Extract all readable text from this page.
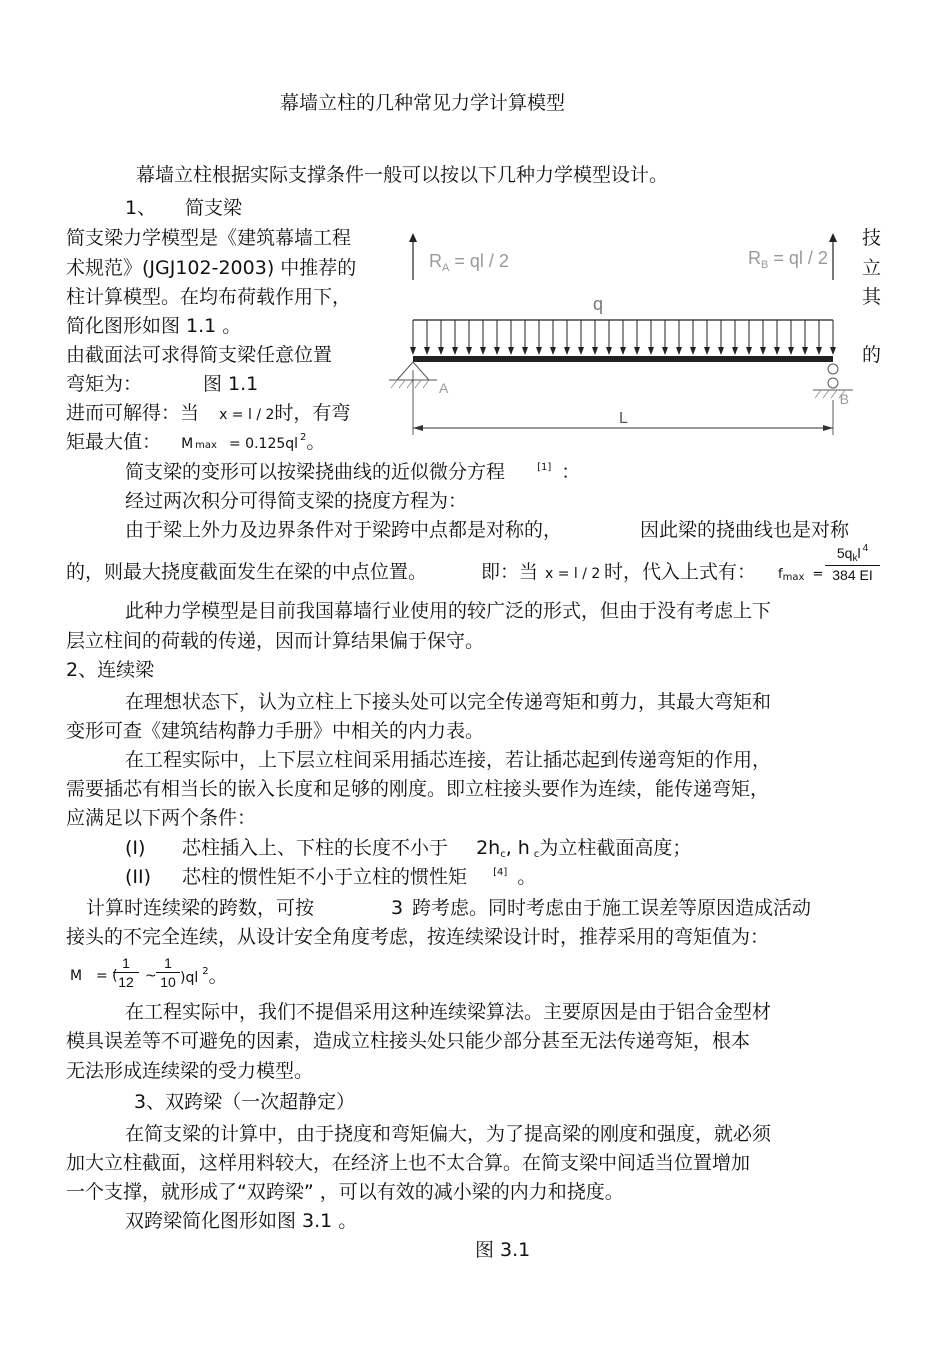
幕墙立柱的几种常见力学计算模型
幕墙立柱根据实际支撑条件一般可以按以下几种力学模型设计。
1、 简支梁
简支梁力学模型是《建筑幕墙工程
术规范》(JGJ102-2003) 中推荐的
柱计算模型。在均布荷载作用下，
简化图形如图 1.1 。
由截面法可求得简支梁任意位置
弯矩为：	图 1.1
技
立
其
的
进而可解得：当 x = l / 2时，有弯
矩最大值： M max = 0.125ql $^2$。
$R_A$ = ql / 2	$R_B$ = ql / 2
q
A
B
L
简支梁的变形可以按梁挠曲线的近似微分方程	[1] ：
经过两次积分可得简支梁的挠度方程为：
由于梁上外力及边界条件对于梁跨中点都是对称的，	因此梁的挠曲线也是对称
的，则最大挠度截面发生在梁的中点位置。	即：当 x = l / 2 时，代入上式有： fmax =
$5q_kl$ $^4$
384 EI
此种力学模型是目前我国幕墙行业使用的较广泛的形式，但由于没有考虑上下
层立柱间的荷载的传递，因而计算结果偏于保守。
2、连续梁
在理想状态下，认为立柱上下接头处可以完全传递弯矩和剪力，其最大弯矩和
变形可查《建筑结构静力手册》中相关的内力表。
在工程实际中，上下层立柱间采用插芯连接，若让插芯起到传递弯矩的作用，
需要插芯有相当长的嵌入长度和足够的刚度。即立柱接头要作为连续，能传递弯矩，
应满足以下两个条件：
(I) 芯柱插入上、下柱的长度不小于 2hc, h c为立柱截面高度；
(II) 芯柱的惯性矩不小于立柱的惯性矩	[4] 。
计算时连续梁的跨数，可按	3 跨考虑。同时考虑由于施工误差等原因造成活动
接头的不完全连续，从设计安全角度考虑，按连续梁设计时，推荐采用的弯矩值为：
M = (
$\frac{1}{12}$ ~ $\frac{1}{10} )ql$ $^2$。
在工程实际中，我们不提倡采用这种连续梁算法。主要原因是由于铝合金型材
模具误差等不可避免的因素，造成立柱接头处只能少部分甚至无法传递弯矩，根本
无法形成连续梁的受力模型。
3、双跨梁（一次超静定）
在简支梁的计算中，由于挠度和弯矩偏大，为了提高梁的刚度和强度，就必须
加大立柱截面，这样用料较大，在经济上也不太合算。在简支梁中间适当位置增加
一个支撑，就形成了“双跨梁” ，可以有效的减小梁的内力和挠度。
双跨梁简化图形如图 3.1 。
图 3.1
